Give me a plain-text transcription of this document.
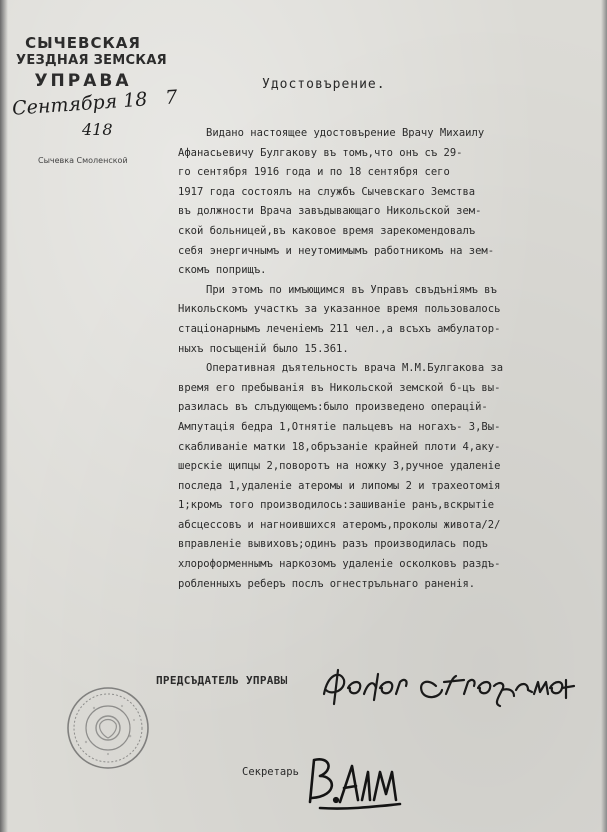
СЫЧЕВСКАЯ
УЕЗДНАЯ ЗЕМСКАЯ
УПРАВА
Сентября 18 7
418
Сычевка Смоленской
Удостовърение.
Видано настоящее удостовърение Врачу Михаилу
Афанасьевичу Булгакову въ томъ,что онъ съ 29-
го сентября 1916 года и по 18 сентября сего
1917 года состоялъ на службъ Сычевскаго Земства
въ должности Врача завъдывающаго Никольской зем-
ской больницей,въ каковое время зарекомендовалъ
себя энергичнымъ и неутомимымъ работникомъ на зем-
скомъ поприщъ.
При этомъ по имъющимся въ Управъ свъдъніямъ въ
Никольскомъ участкъ за указанное время пользовалось
стаціонарнымъ леченіемъ 211 чел.,а всъхъ амбулатор-
ныхъ посъщеній было 15.361.
Оперативная дъятельность врача М.М.Булгакова за
время его пребыванія въ Никольской земской б-цъ вы-
разилась въ слъдующемъ:было произведено операцій-
Ампутація бедра 1,Отнятіе пальцевъ на ногахъ- 3,Вы-
скабливаніе матки 18,обръзаніе крайней плоти 4,аку-
шерскіе щипцы 2,поворотъ на ножку 3,ручное удаленіе
последа 1,удаленіе атеромы и липомы 2 и трахеотомія
1;кромъ того производилось:зашиваніе ранъ,вскрытіе
абсцессовъ и нагноившихся атеромъ,проколы живота/2/
вправленіе вывиховъ;одинъ разъ производилась подъ
хлороформеннымъ наркозомъ удаленіе осколковъ раздъ-
робленныхъ реберъ послъ огнестръльнаго раненія.
ПРЕДСЪДАТЕЛЬ УПРАВЫ
Секретарь
